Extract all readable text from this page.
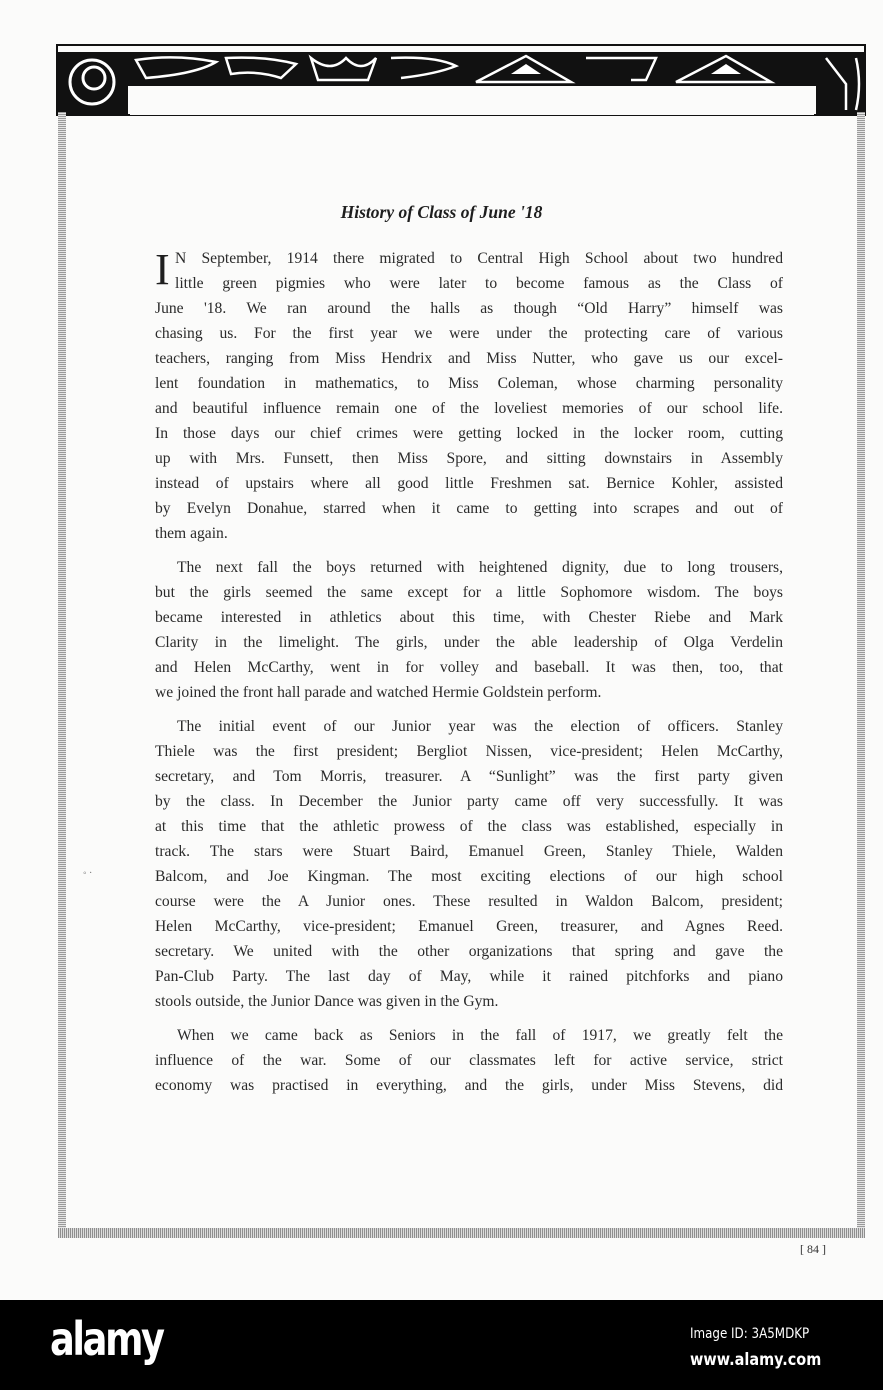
History of Class of June '18
I N September, 1914 there migrated to Central High School about two hundred
little green pigmies who were later to become famous as the Class of
June '18. We ran around the halls as though “Old Harry” himself was
chasing us. For the first year we were under the protecting care of various
teachers, ranging from Miss Hendrix and Miss Nutter, who gave us our excel-
lent foundation in mathematics, to Miss Coleman, whose charming personality
and beautiful influence remain one of the loveliest memories of our school life.
In those days our chief crimes were getting locked in the locker room, cutting
up with Mrs. Funsett, then Miss Spore, and sitting downstairs in Assembly
instead of upstairs where all good little Freshmen sat. Bernice Kohler, assisted
by Evelyn Donahue, starred when it came to getting into scrapes and out of
them again.
The next fall the boys returned with heightened dignity, due to long trousers,
but the girls seemed the same except for a little Sophomore wisdom. The boys
became interested in athletics about this time, with Chester Riebe and Mark
Clarity in the limelight. The girls, under the able leadership of Olga Verdelin
and Helen McCarthy, went in for volley and baseball. It was then, too, that
we joined the front hall parade and watched Hermie Goldstein perform.
The initial event of our Junior year was the election of officers. Stanley
Thiele was the first president; Bergliot Nissen, vice-president; Helen McCarthy,
secretary, and Tom Morris, treasurer. A “Sunlight” was the first party given
by the class. In December the Junior party came off very successfully. It was
at this time that the athletic prowess of the class was established, especially in
track. The stars were Stuart Baird, Emanuel Green, Stanley Thiele, Walden
Balcom, and Joe Kingman. The most exciting elections of our high school
course were the A Junior ones. These resulted in Waldon Balcom, president;
Helen McCarthy, vice-president; Emanuel Green, treasurer, and Agnes Reed.
secretary. We united with the other organizations that spring and gave the
Pan-Club Party. The last day of May, while it rained pitchforks and piano
stools outside, the Junior Dance was given in the Gym.
When we came back as Seniors in the fall of 1917, we greatly felt the
influence of the war. Some of our classmates left for active service, strict
economy was practised in everything, and the girls, under Miss Stevens, did
◦ ·
[ 84 ]
alamy	Image ID: 3A5MDKP
www.alamy.com
